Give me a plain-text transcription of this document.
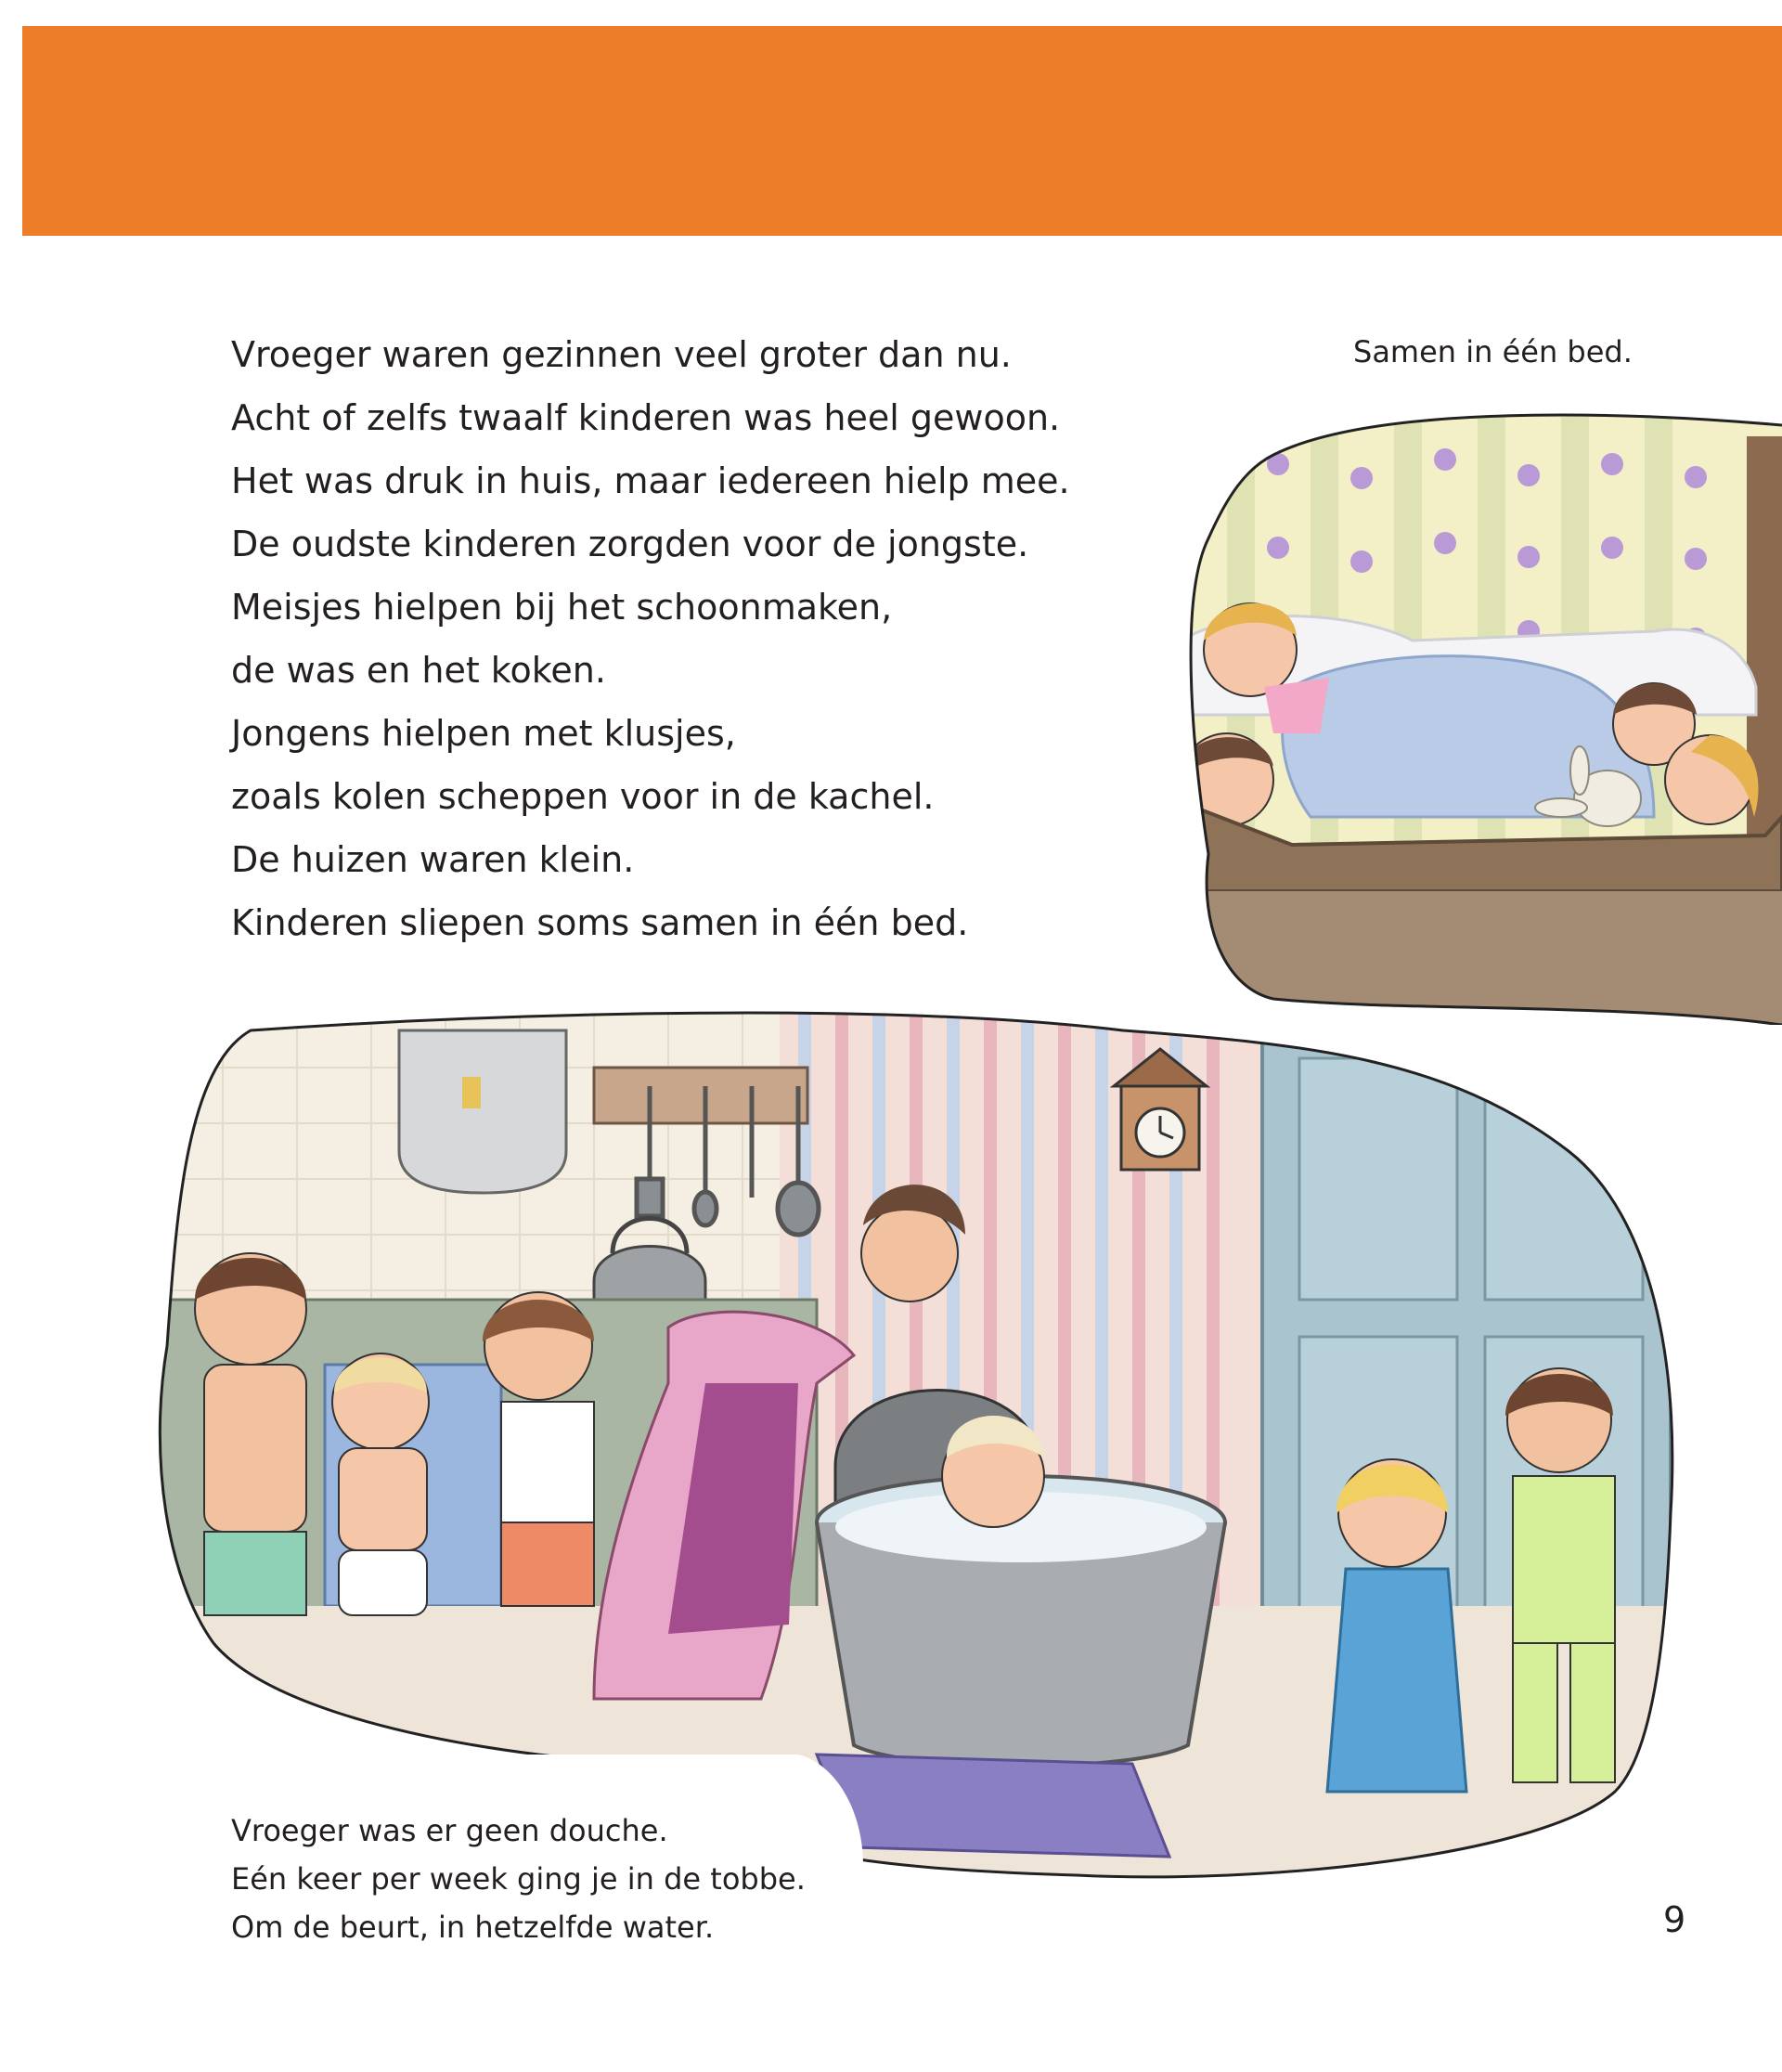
Vroeger waren gezinnen veel groter dan nu.
Acht of zelfs twaalf kinderen was heel gewoon.
Het was druk in huis, maar iedereen hielp mee.
De oudste kinderen zorgden voor de jongste.
Meisjes hielpen bij het schoonmaken,
de was en het koken.
Jongens hielpen met klusjes,
zoals kolen scheppen voor in de kachel.
De huizen waren klein.
Kinderen sliepen soms samen in één bed.
Samen in één bed.
Vroeger was er geen douche.
Eén keer per week ging je in de tobbe.
Om de beurt, in hetzelfde water.	9
